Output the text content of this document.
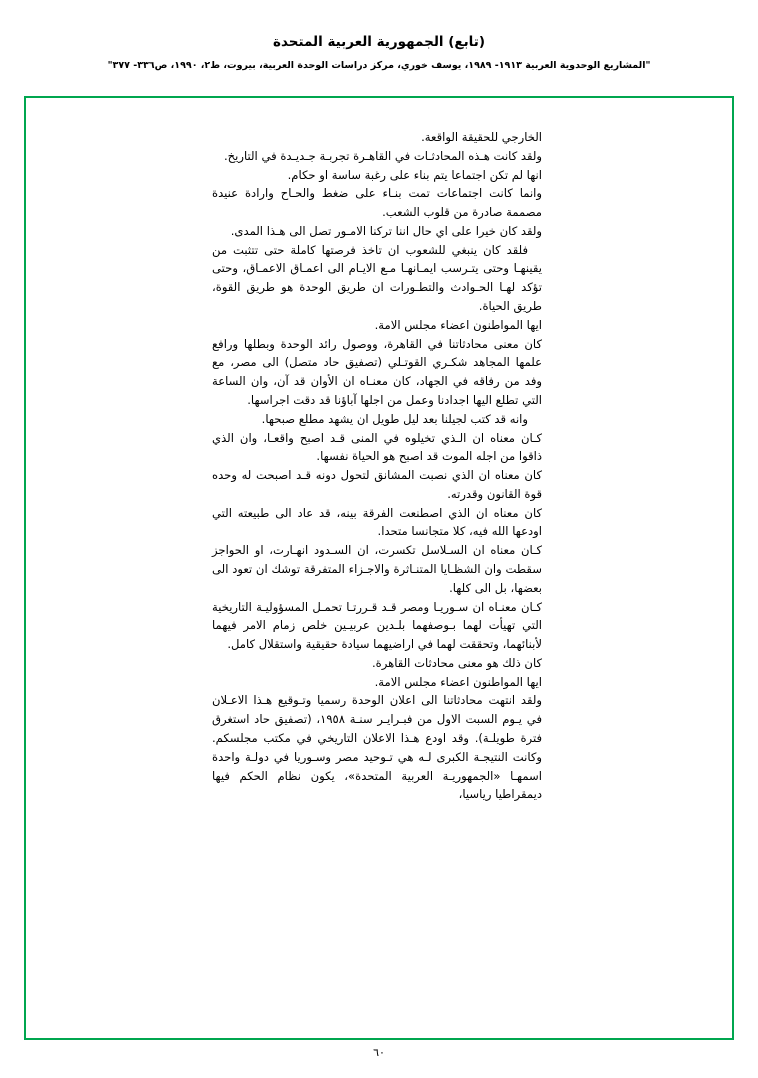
(تابع) الجمهورية العربية المتحدة
"المشاريع الوحدوية العربية ١٩١٣- ١٩٨٩، يوسف خوري، مركز دراسات الوحدة العربية، بيروت، ط٢، ١٩٩٠، ص٣٣٦- ٣٧٧"

الخارجي للحقيقة الواقعة.

ولقد كانت هـذه المحادثـات في القاهـرة تجربـة جـديـدة في التاريخ.

انها لم تكن اجتماعا يتم بناء على رغبة ساسة او حكام.

وانما كانت اجتماعات تمت بنـاء على ضغط والحـاح وارادة عنيدة مصممة صادرة من قلوب الشعب.

ولقد كان خيرا على اي حال اننا تركنا الامـور تصل الى هـذا المدى.

فلقد كان ينبغي للشعوب ان تاخذ فرصتها كاملة حتى تتثبت من يقينهـا وحتى يتـرسب ايمـانهـا مـع الايـام الى اعمـاق الاعمـاق، وحتى تؤكد لهـا الحـوادث والتطـورات ان طريق الوحدة هو طريق القوة، طريق الحياة.

ايها المواطنون اعضاء مجلس الامة.

كان معنى محادثاتنا في القاهرة، ووصول رائد الوحدة وبطلها ورافع علمها المجاهد شكـري القوتـلي (تصفيق حاد متصل) الى مصر، مع وفد من رفاقه في الجهاد، كان معنـاه ان الأوان قد آن، وان الساعة التي تطلع اليها اجدادنا وعمل من اجلها آباؤنا قد دقت اجراسها.

وانه قد كتب لجيلنا بعد ليل طويل ان يشهد مطلع صبحها.

كـان معناه ان الـذي تخيلوه في المنى قـد اصبح واقعـا، وان الذي ذاقوا من اجله الموت قد اصبح هو الحياة نفسها.

كان معناه ان الذي نصبت المشانق لتحول دونه قـد اصبحت له وحده قوة القانون وقدرته.

كان معناه ان الذي اصطنعت الفرقة بينه، قد عاد الى طبيعته التي اودعها الله فيه، كلا متجانسا متحدا.

كـان معناه ان السـلاسل تكسرت، ان السـدود انهـارت، او الحواجز سقطت وان الشظـايا المتنـاثرة والاجـزاء المتفرقة توشك ان تعود الى بعضها، بل الى كلها.

كـان معنـاه ان سـوريـا ومصر قـد قـررتـا تحمـل المسؤوليـة التاريخية التي تهيأت لهما بـوصفهما بلـدين عربيـين خلص زمام الامر فيهما لأبنائهما، وتحققت لهما في اراضيهما سيادة حقيقية واستقلال كامل.

كان ذلك هو معنى محادثات القاهرة.

ايها المواطنون اعضاء مجلس الامة.

ولقد انتهت محادثاتنا الى اعلان الوحدة رسميا وتـوقيع هـذا الاعـلان في يـوم السبت الاول من فبـرايـر سنـة ١٩٥٨، (تصفيق حاد استغرق فترة طويلـة). وقد اودع هـذا الاعلان التاريخي في مكتب مجلسكم. وكانت النتيجـة الكبرى لـه هي تـوحيد مصر وسـوريا في دولـة واحدة اسمهـا «الجمهوريـة العربية المتحدة»، يكون نظام الحكم فيها ديمقراطيا رياسيا،

٦٠
